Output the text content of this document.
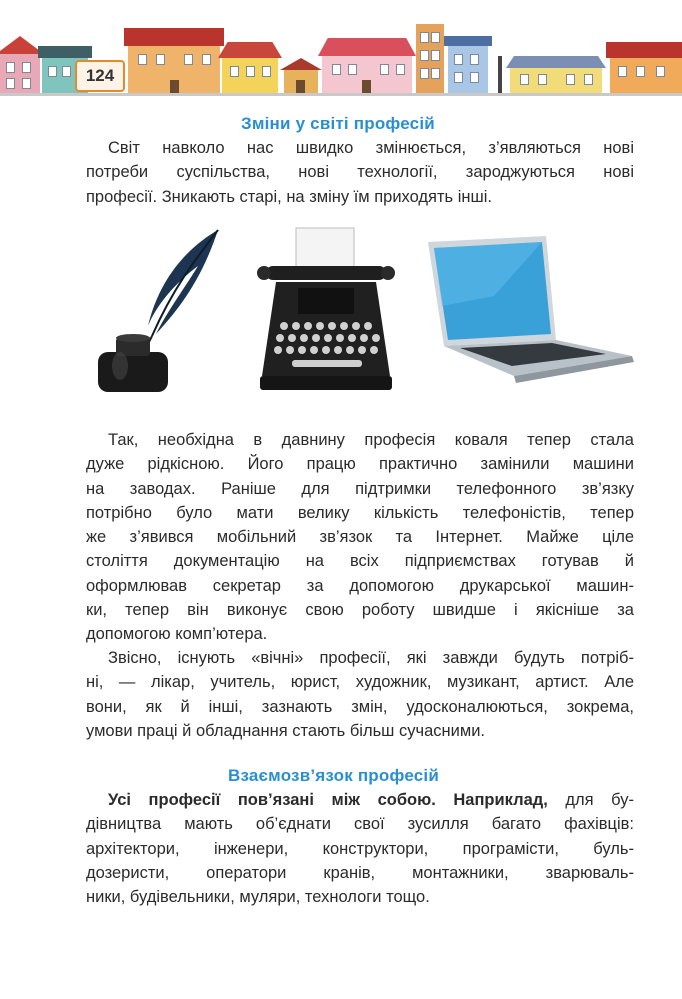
124
Зміни у світі професій
Світ навколо нас швидко змінюється, з’являються нові
потреби суспільства, нові технології, зароджуються нові
професії. Зникають старі, на зміну їм приходять інші.
Так, необхідна в давнину професія коваля тепер стала
дуже рідкісною. Його працю практично замінили машини
на заводах. Раніше для підтримки телефонного зв’язку
потрібно було мати велику кількість телефоністів, тепер
же з’явився мобільний зв’язок та Інтернет. Майже ціле
століття документацію на всіх підприємствах готував й
оформлював секретар за допомогою друкарської машин-
ки, тепер він виконує свою роботу швидше і якісніше за
допомогою комп’ютера.
Звісно, існують «вічні» професії, які завжди будуть потріб-
ні, — лікар, учитель, юрист, художник, музикант, артист. Але
вони, як й інші, зазнають змін, удосконалюються, зокрема,
умови праці й обладнання стають більш сучасними.
Взаємозв’язок професій
Усі професії пов’язані між собою. Наприклад, для бу-
дівництва мають об’єднати свої зусилля багато фахівців:
архітектори, інженери, конструктори, програмісти, буль-
дозеристи, оператори кранів, монтажники, зварюваль-
ники, будівельники, муляри, технологи тощо.
